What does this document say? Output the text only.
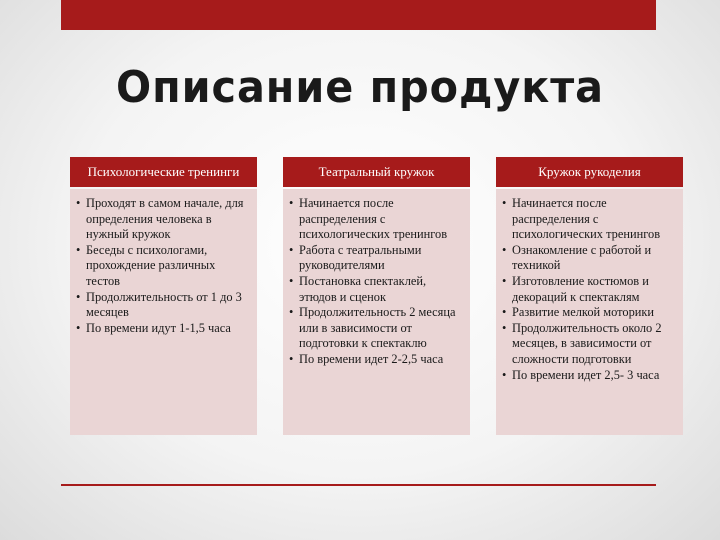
Описание продукта
Психологические тренинги
• Проходят в самом начале, для определения человека в нужный кружок
• Беседы с психологами, прохождение различных тестов
• Продолжительность от 1 до 3 месяцев
• По времени идут 1-1,5 часа
Театральный кружок
• Начинается после распределения с психологических тренингов
• Работа с театральными руководителями
• Постановка спектаклей, этюдов и сценок
• Продолжительность 2 месяца или в зависимости от подготовки к спектаклю
• По времени идет 2-2,5 часа
Кружок рукоделия
• Начинается после распределения с психологических тренингов
• Ознакомление с работой и техникой
• Изготовление костюмов и декораций к спектаклям
• Развитие мелкой моторики
• Продолжительность около 2 месяцев, в зависимости от сложности подготовки
• По времени идет 2,5- 3 часа
